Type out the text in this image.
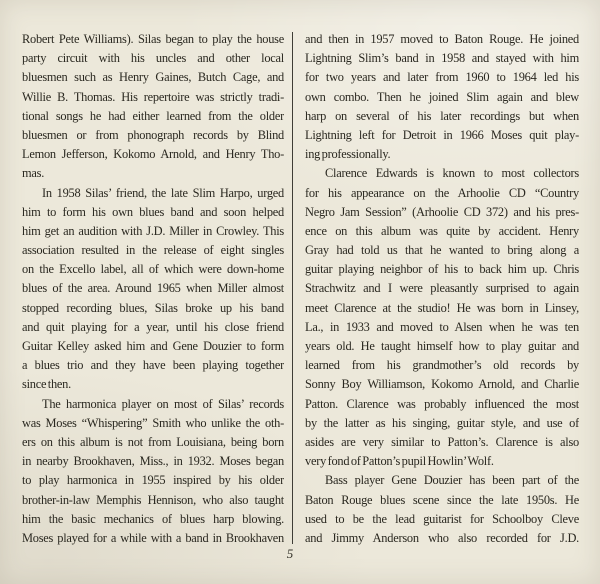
Robert Pete Williams). Silas began to play the house
party circuit with his uncles and other local
bluesmen such as Henry Gaines, Butch Cage, and
Willie B. Thomas. His repertoire was strictly tradi-
tional songs he had either learned from the older
bluesmen or from phonograph records by Blind
Lemon Jefferson, Kokomo Arnold, and Henry Tho-
mas.
In 1958 Silas’ friend, the late Slim Harpo, urged
him to form his own blues band and soon helped
him get an audition with J.D. Miller in Crowley. This
association resulted in the release of eight singles
on the Excello label, all of which were down-home
blues of the area. Around 1965 when Miller almost
stopped recording blues, Silas broke up his band
and quit playing for a year, until his close friend
Guitar Kelley asked him and Gene Douzier to form
a blues trio and they have been playing together
since then.
The harmonica player on most of Silas’ records
was Moses “Whispering” Smith who unlike the oth-
ers on this album is not from Louisiana, being born
in nearby Brookhaven, Miss., in 1932. Moses began
to play harmonica in 1955 inspired by his older
brother-in-law Memphis Hennison, who also taught
him the basic mechanics of blues harp blowing.
Moses played for a while with a band in Brookhaven
and then in 1957 moved to Baton Rouge. He joined
Lightning Slim’s band in 1958 and stayed with him
for two years and later from 1960 to 1964 led his
own combo. Then he joined Slim again and blew
harp on several of his later recordings but when
Lightning left for Detroit in 1966 Moses quit play-
ing professionally.
Clarence Edwards is known to most collectors
for his appearance on the Arhoolie CD “Country
Negro Jam Session” (Arhoolie CD 372) and his pres-
ence on this album was quite by accident. Henry
Gray had told us that he wanted to bring along a
guitar playing neighbor of his to back him up. Chris
Strachwitz and I were pleasantly surprised to again
meet Clarence at the studio! He was born in Linsey,
La., in 1933 and moved to Alsen when he was ten
years old. He taught himself how to play guitar and
learned from his grandmother’s old records by
Sonny Boy Williamson, Kokomo Arnold, and Charlie
Patton. Clarence was probably influenced the most
by the latter as his singing, guitar style, and use of
asides are very similar to Patton’s. Clarence is also
very fond of Patton’s pupil Howlin’ Wolf.
Bass player Gene Douzier has been part of the
Baton Rouge blues scene since the late 1950s. He
used to be the lead guitarist for Schoolboy Cleve
and Jimmy Anderson who also recorded for J.D.
5
